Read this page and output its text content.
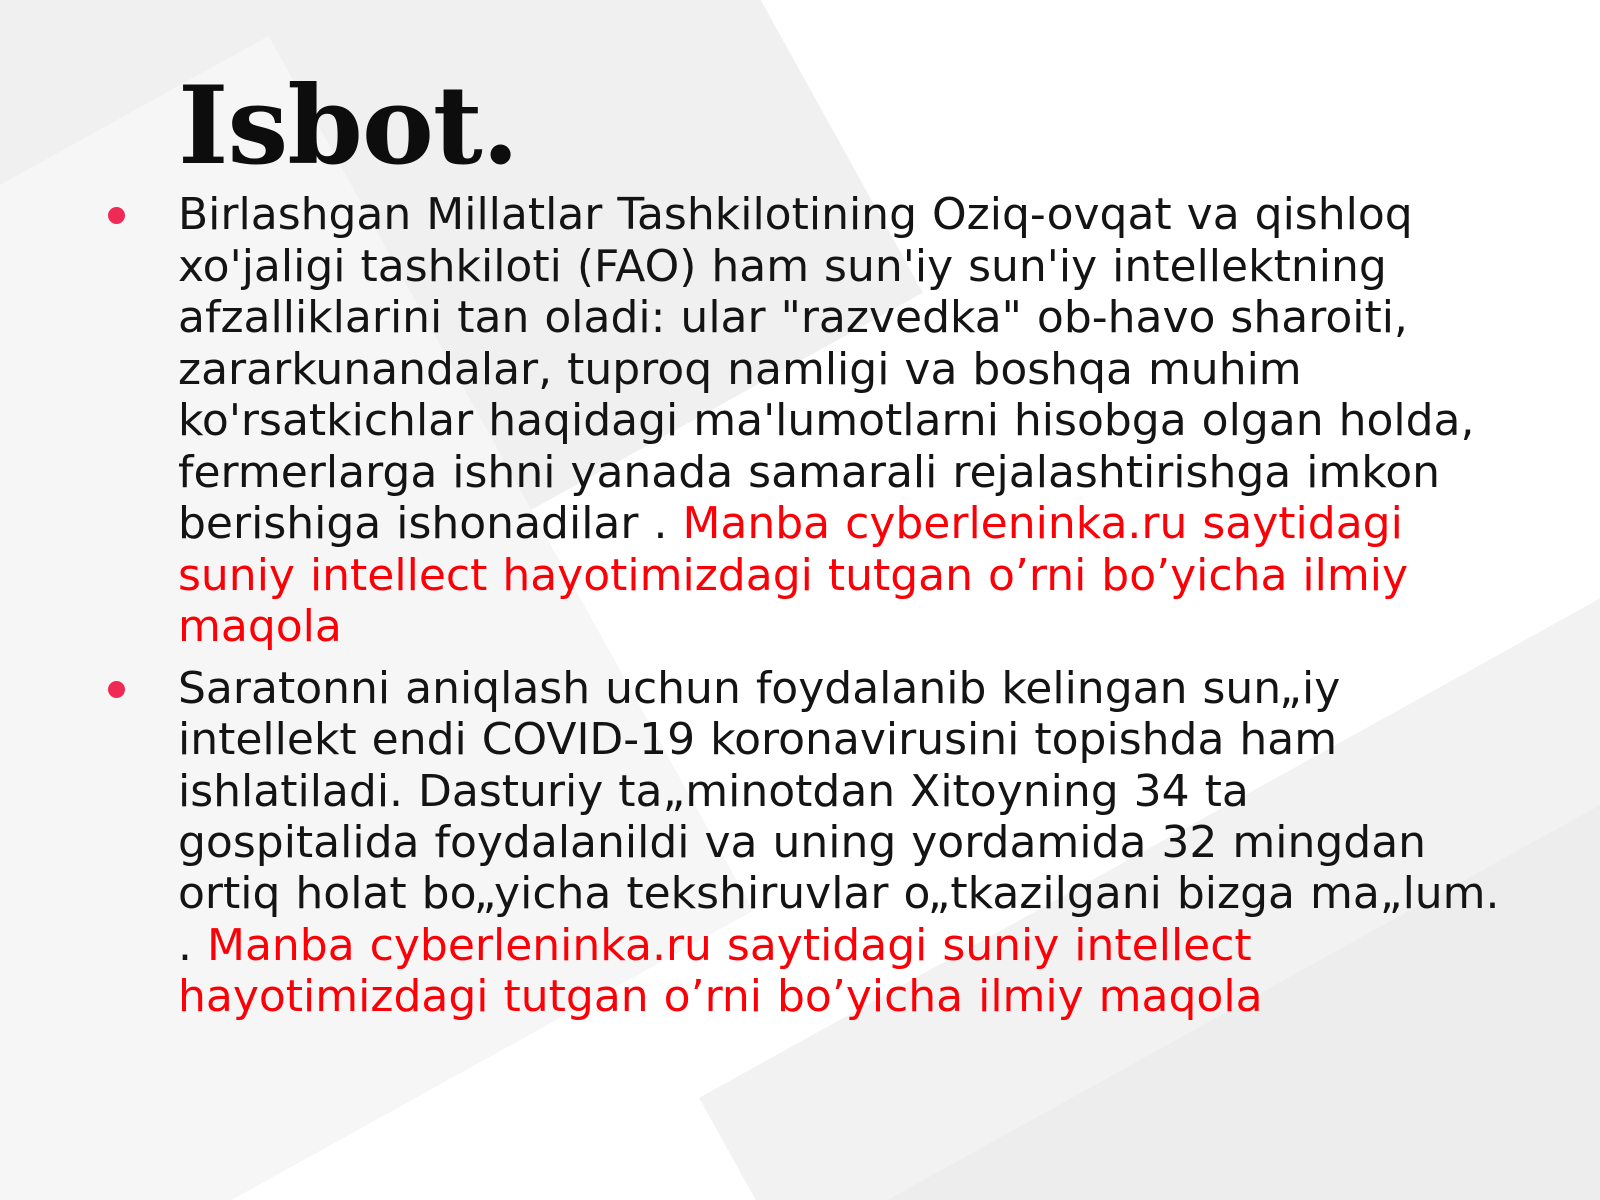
Isbot.
Birlashgan Millatlar Tashkilotining Oziq-ovqat va qishloq xo'jaligi tashkiloti (FAO) ham sun'iy sun'iy intellektning afzalliklarini tan oladi: ular "razvedka" ob-havo sharoiti, zararkunandalar, tuproq namligi va boshqa muhim ko'rsatkichlar haqidagi ma'lumotlarni hisobga olgan holda, fermerlarga ishni yanada samarali rejalashtirishga imkon berishiga ishonadilar . Manba cyberleninka.ru saytidagi suniy intellect hayotimizdagi tutgan o’rni bo’yicha ilmiy maqola
Saratonni aniqlash uchun foydalanib kelingan sun„iy intellekt endi COVID-19 koronavirusini topishda ham ishlatiladi. Dasturiy ta„minotdan Xitoyning 34 ta gospitalida foydalanildi va uning yordamida 32 mingdan ortiq holat bo„yicha tekshiruvlar o„tkazilgani bizga ma„lum. . Manba cyberleninka.ru saytidagi suniy intellect hayotimizdagi tutgan o’rni bo’yicha ilmiy maqola
